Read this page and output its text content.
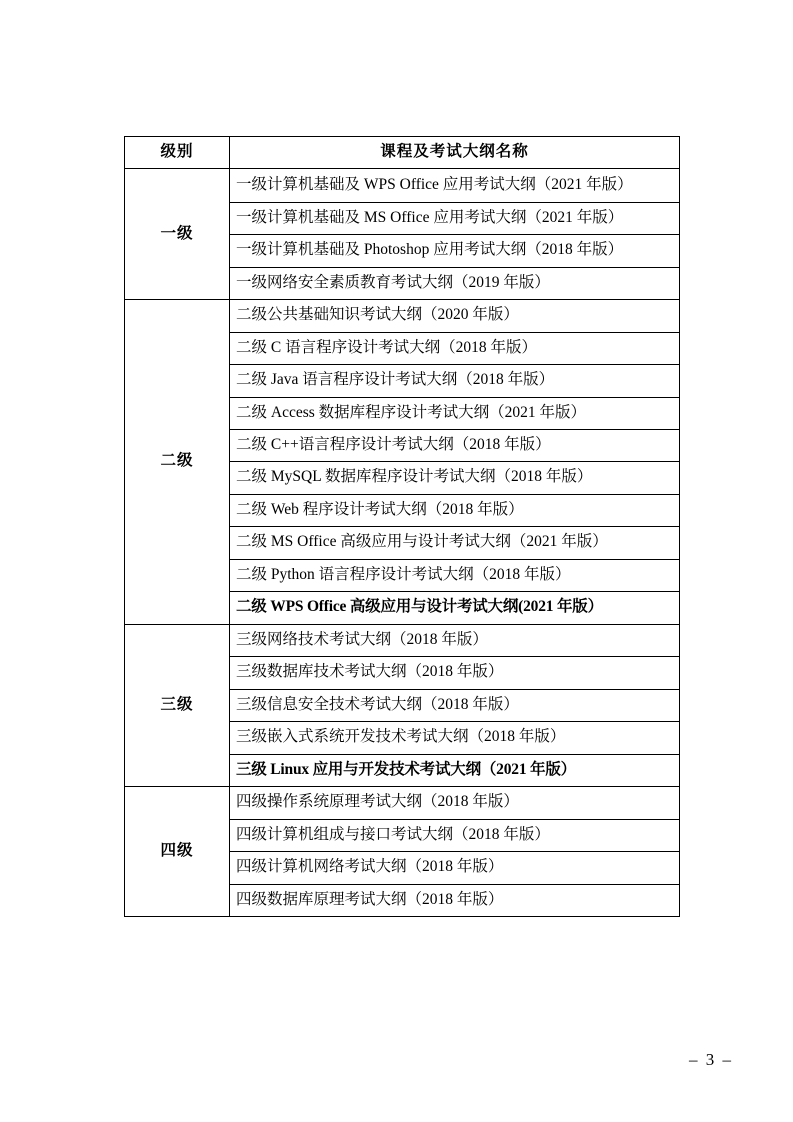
级别	课程及考试大纲名称
一级	一级计算机基础及 WPS Office 应用考试大纲（2021 年版）
	一级计算机基础及 MS Office 应用考试大纲（2021 年版）
	一级计算机基础及 Photoshop 应用考试大纲（2018 年版）
	一级网络安全素质教育考试大纲（2019 年版）
二级	二级公共基础知识考试大纲（2020 年版）
	二级 C 语言程序设计考试大纲（2018 年版）
	二级 Java 语言程序设计考试大纲（2018 年版）
	二级 Access 数据库程序设计考试大纲（2021 年版）
	二级 C++语言程序设计考试大纲（2018 年版）
	二级 MySQL 数据库程序设计考试大纲（2018 年版）
	二级 Web 程序设计考试大纲（2018 年版）
	二级 MS Office 高级应用与设计考试大纲（2021 年版）
	二级 Python 语言程序设计考试大纲（2018 年版）
	二级 WPS Office 高级应用与设计考试大纲(2021 年版）
三级	三级网络技术考试大纲（2018 年版）
	三级数据库技术考试大纲（2018 年版）
	三级信息安全技术考试大纲（2018 年版）
	三级嵌入式系统开发技术考试大纲（2018 年版）
	三级 Linux 应用与开发技术考试大纲（2021 年版）
四级	四级操作系统原理考试大纲（2018 年版）
	四级计算机组成与接口考试大纲（2018 年版）
	四级计算机网络考试大纲（2018 年版）
	四级数据库原理考试大纲（2018 年版）
– 3 –
